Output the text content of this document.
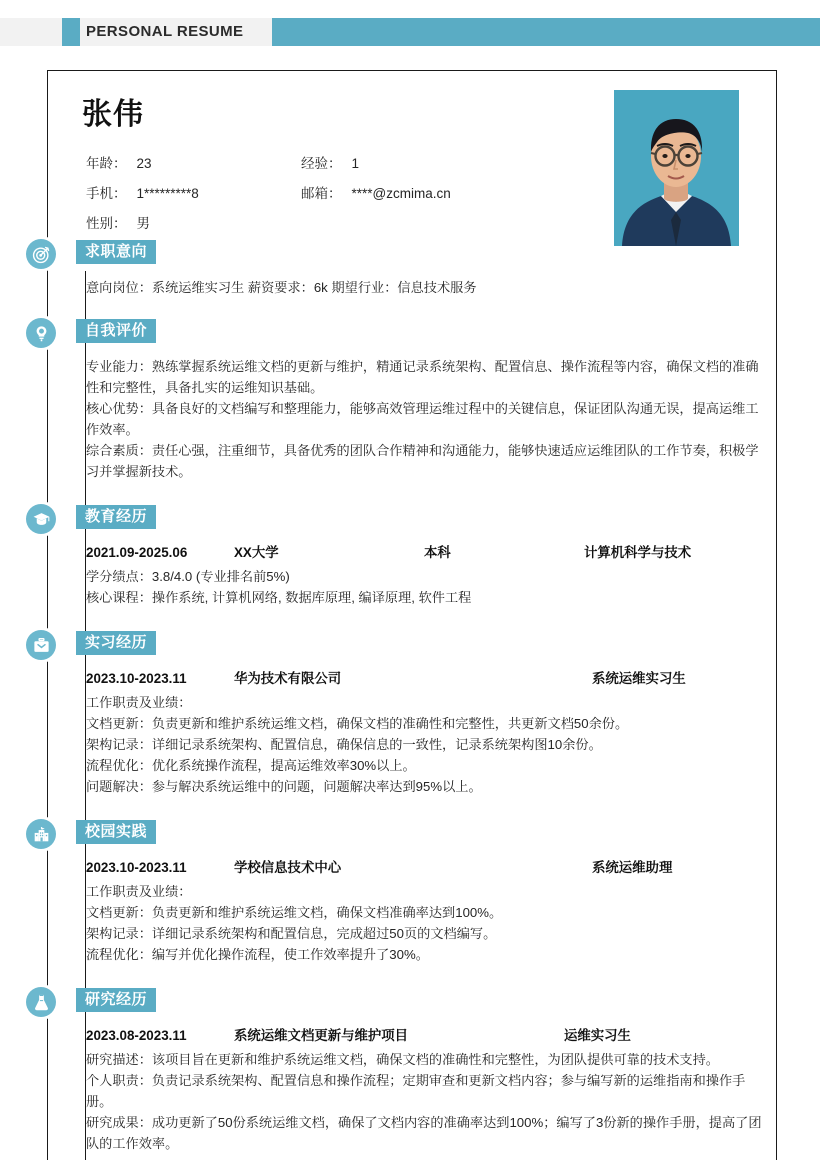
PERSONAL RESUME
张伟
年龄： 23	经验： 1
手机： 1*********8	邮箱： ****@zcmima.cn
性别： 男
求职意向
意向岗位：系统运维实习生 薪资要求：6k 期望行业：信息技术服务
自我评价
专业能力：熟练掌握系统运维文档的更新与维护，精通记录系统架构、配置信息、操作流程等内容，确保文档的准确性和完整性，具备扎实的运维知识基础。
核心优势：具备良好的文档编写和整理能力，能够高效管理运维过程中的关键信息，保证团队沟通无误，提高运维工作效率。
综合素质：责任心强，注重细节，具备优秀的团队合作精神和沟通能力，能够快速适应运维团队的工作节奏，积极学习并掌握新技术。
教育经历
2021.09-2025.06	XX大学	本科	计算机科学与技术
学分绩点：3.8/4.0 (专业排名前5%)
核心课程：操作系统, 计算机网络, 数据库原理, 编译原理, 软件工程
实习经历
2023.10-2023.11	华为技术有限公司	系统运维实习生
工作职责及业绩：
文档更新：负责更新和维护系统运维文档，确保文档的准确性和完整性，共更新文档50余份。
架构记录：详细记录系统架构、配置信息，确保信息的一致性，记录系统架构图10余份。
流程优化：优化系统操作流程，提高运维效率30%以上。
问题解决：参与解决系统运维中的问题，问题解决率达到95%以上。
校园实践
2023.10-2023.11	学校信息技术中心	系统运维助理
工作职责及业绩：
文档更新：负责更新和维护系统运维文档，确保文档准确率达到100%。
架构记录：详细记录系统架构和配置信息，完成超过50页的文档编写。
流程优化：编写并优化操作流程，使工作效率提升了30%。
研究经历
2023.08-2023.11	系统运维文档更新与维护项目	运维实习生
研究描述：该项目旨在更新和维护系统运维文档，确保文档的准确性和完整性，为团队提供可靠的技术支持。
个人职责：负责记录系统架构、配置信息和操作流程；定期审查和更新文档内容；参与编写新的运维指南和操作手册。
研究成果：成功更新了50份系统运维文档，确保了文档内容的准确率达到100%；编写了3份新的操作手册，提高了团队的工作效率。
